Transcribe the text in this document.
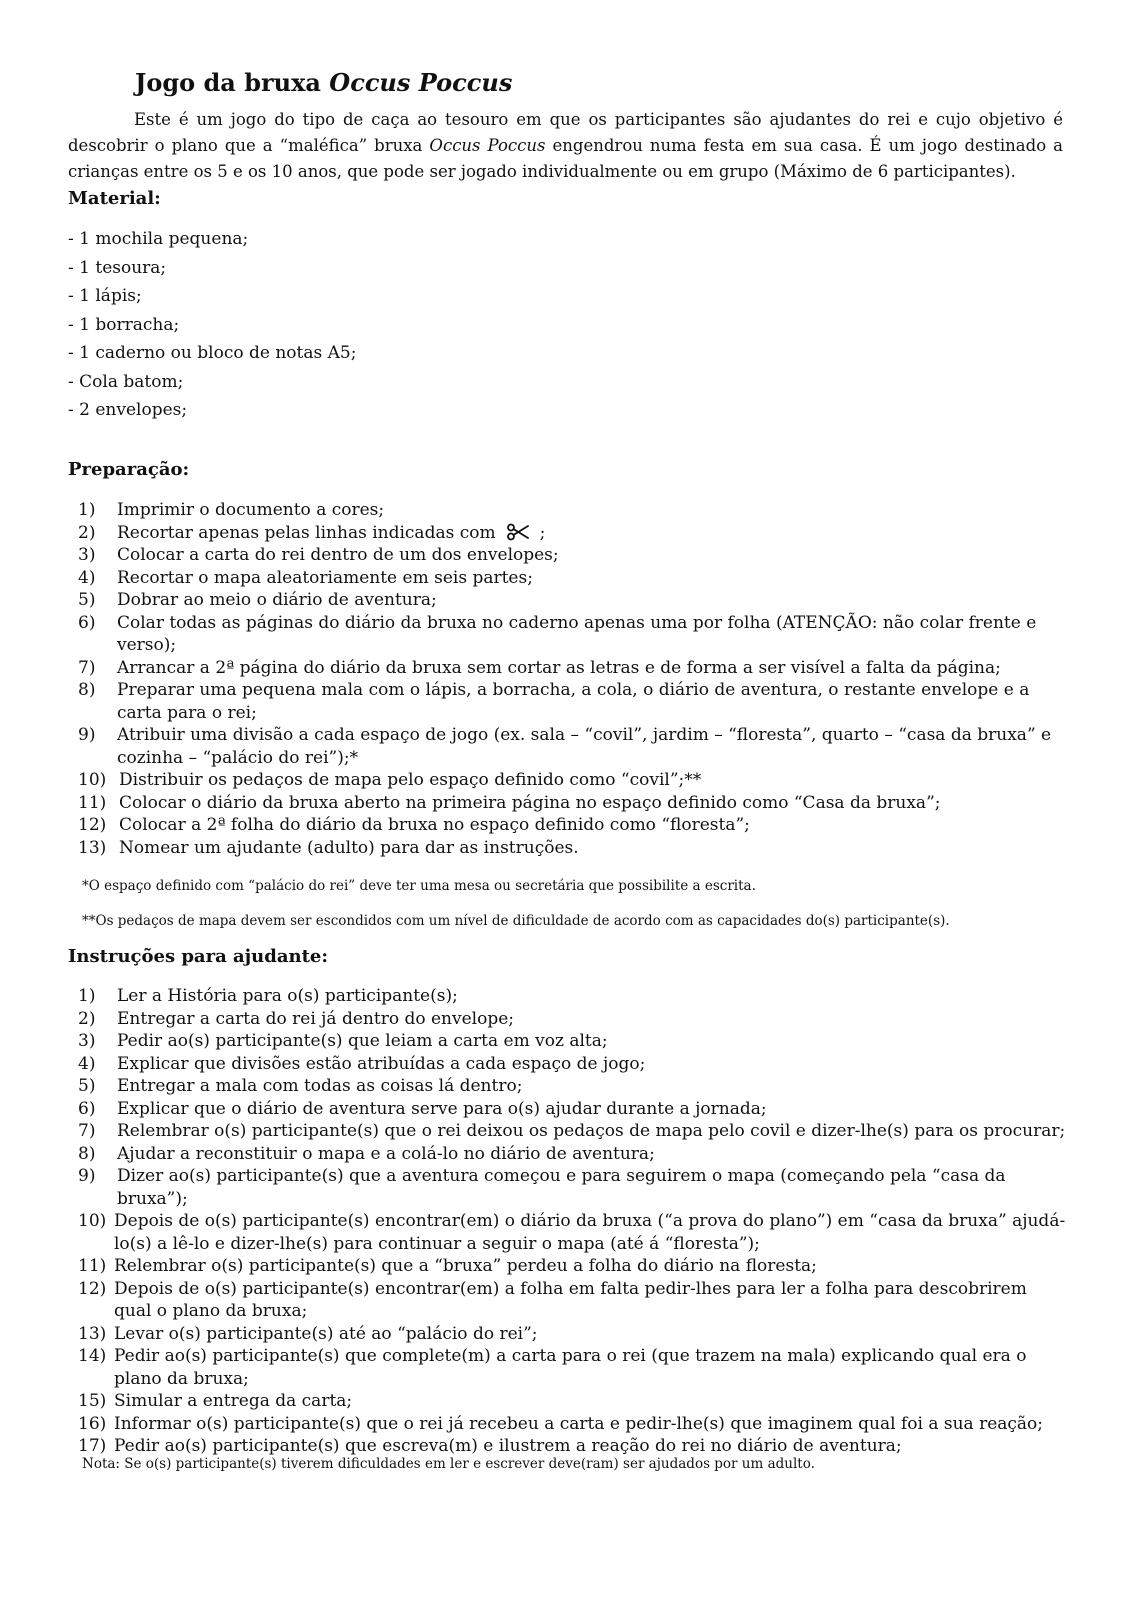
Jogo da bruxa Occus Poccus

Este é um jogo do tipo de caça ao tesouro em que os participantes são ajudantes do rei e cujo objetivo é descobrir o plano que a “maléfica” bruxa Occus Poccus engendrou numa festa em sua casa. É um jogo destinado a crianças entre os 5 e os 10 anos, que pode ser jogado individualmente ou em grupo (Máximo de 6 participantes).

Material:
- 1 mochila pequena;
- 1 tesoura;
- 1 lápis;
- 1 borracha;
- 1 caderno ou bloco de notas A5;
- Cola batom;
- 2 envelopes;
Preparação:
1) Imprimir o documento a cores;
2) Recortar apenas pelas linhas indicadas com	;
3) Colocar a carta do rei dentro de um dos envelopes;
4) Recortar o mapa aleatoriamente em seis partes;
5) Dobrar ao meio o diário de aventura;
6) Colar todas as páginas do diário da bruxa no caderno apenas uma por folha (ATENÇÃO: não colar frente e verso);
7) Arrancar a 2ª página do diário da bruxa sem cortar as letras e de forma a ser visível a falta da página;
8) Preparar uma pequena mala com o lápis, a borracha, a cola, o diário de aventura, o restante envelope e a carta para o rei;
9) Atribuir uma divisão a cada espaço de jogo (ex. sala – “covil”, jardim – “floresta”, quarto – “casa da bruxa” e cozinha – “palácio do rei”);*
10) Distribuir os pedaços de mapa pelo espaço definido como “covil”;**
11) Colocar o diário da bruxa aberto na primeira página no espaço definido como “Casa da bruxa”;
12) Colocar a 2ª folha do diário da bruxa no espaço definido como “floresta”;
13) Nomear um ajudante (adulto) para dar as instruções.
*O espaço definido com “palácio do rei” deve ter uma mesa ou secretária que possibilite a escrita.
**Os pedaços de mapa devem ser escondidos com um nível de dificuldade de acordo com as capacidades do(s) participante(s).
Instruções para ajudante:
1) Ler a História para o(s) participante(s);
2) Entregar a carta do rei já dentro do envelope;
3) Pedir ao(s) participante(s) que leiam a carta em voz alta;
4) Explicar que divisões estão atribuídas a cada espaço de jogo;
5) Entregar a mala com todas as coisas lá dentro;
6) Explicar que o diário de aventura serve para o(s) ajudar durante a jornada;
7) Relembrar o(s) participante(s) que o rei deixou os pedaços de mapa pelo covil e dizer-lhe(s) para os procurar;
8) Ajudar a reconstituir o mapa e a colá-lo no diário de aventura;
9) Dizer ao(s) participante(s) que a aventura começou e para seguirem o mapa (começando pela “casa da bruxa”);
10) Depois de o(s) participante(s) encontrar(em) o diário da bruxa (“a prova do plano”) em “casa da bruxa” ajudá-lo(s) a lê-lo e dizer-lhe(s) para continuar a seguir o mapa (até á “floresta”);
11) Relembrar o(s) participante(s) que a “bruxa” perdeu a folha do diário na floresta;
12) Depois de o(s) participante(s) encontrar(em) a folha em falta pedir-lhes para ler a folha para descobrirem qual o plano da bruxa;
13) Levar o(s) participante(s) até ao “palácio do rei”;
14) Pedir ao(s) participante(s) que complete(m) a carta para o rei (que trazem na mala) explicando qual era o plano da bruxa;
15) Simular a entrega da carta;
16) Informar o(s) participante(s) que o rei já recebeu a carta e pedir-lhe(s) que imaginem qual foi a sua reação;
17) Pedir ao(s) participante(s) que escreva(m) e ilustrem a reação do rei no diário de aventura;
Nota: Se o(s) participante(s) tiverem dificuldades em ler e escrever deve(ram) ser ajudados por um adulto.
